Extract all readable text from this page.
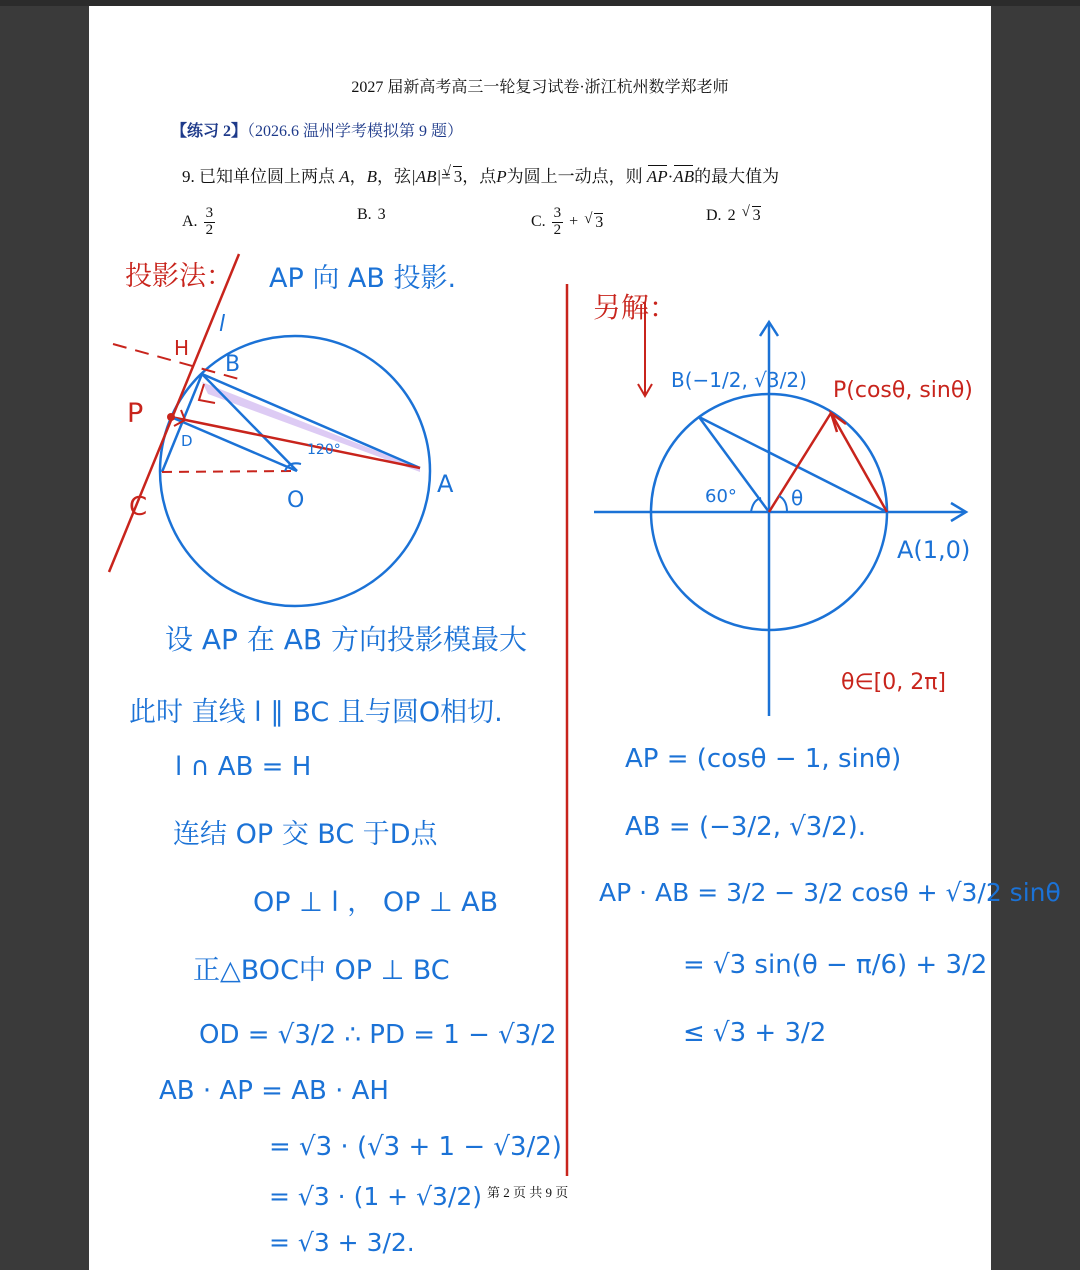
2027 届新高考高三一轮复习试卷·浙江杭州数学郑老师
【练习 2】（2026.6 温州学考模拟第 9 题）
9. 已知单位圆上两点 A，B，弦|AB|= √ 3，点P为圆上一动点，则 AP·AB的最大值为
A. $\frac{3}{2}$	B. 3	C. $\frac{3}{2}$ + √ 3	D. 2 √ 3
投影法： AP 向 AB 投影.
l
H
B
P
D
O
A
C
120°
设 AP 在 AB 方向投影模最大
此时 直线 l ∥ BC 且与圆O相切.
l ∩ AB = H
连结 OP 交 BC 于D点
OP ⊥ l ， OP ⊥ AB
正△BOC中 OP ⊥ BC
OD = √3/2 ∴ PD = 1 − √3/2
AB · AP = AB · AH
= √3 · (√3 + 1 − √3/2)
= √3 · (1 + √3/2)
= √3 + 3/2.
另解：
B(−1/2, √3/2) P(cosθ, sinθ)
A(1,0)
60°	θ
θ∈[0, 2π]
AP = (cosθ − 1, sinθ)
AB = (−3/2, √3/2).
AP · AB = 3/2 − 3/2 cosθ + √3/2 sinθ
= √3 sin(θ − π/6) + 3/2
≤ √3 + 3/2
第 2 页 共 9 页
